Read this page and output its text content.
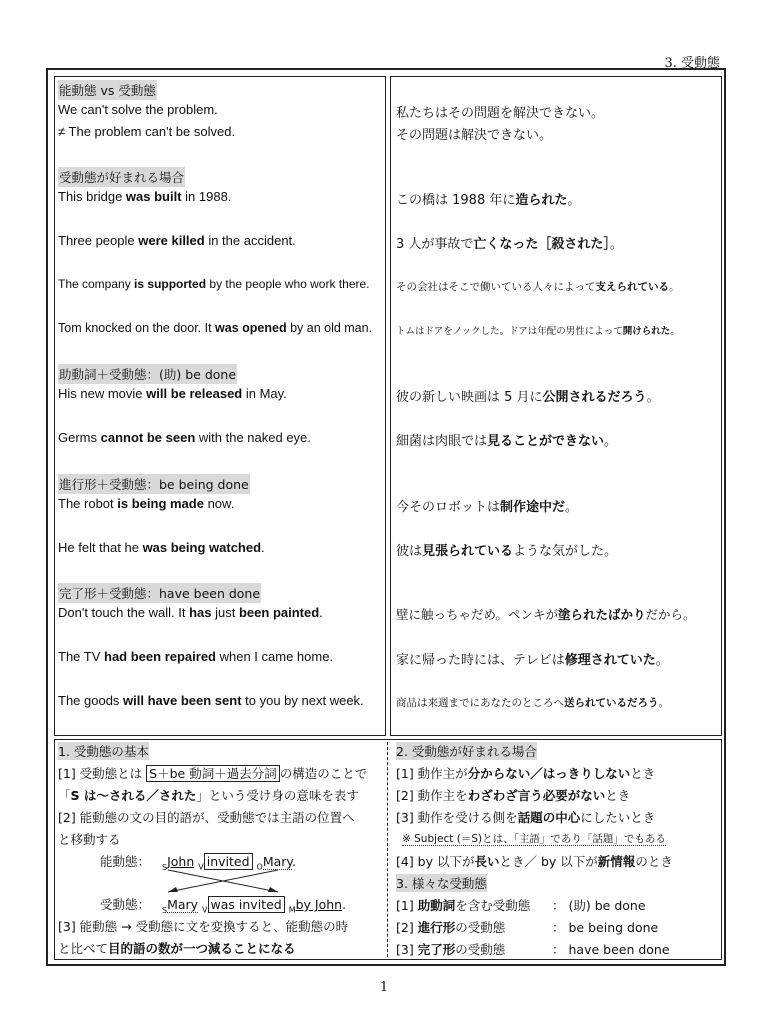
3. 受動態
能動態 vs 受動態
We can't solve the problem.
≠ The problem can't be solved.
受動態が好まれる場合
This bridge was built in 1988.
Three people were killed in the accident.
The company is supported by the people who work there.
Tom knocked on the door. It was opened by an old man.
助動詞＋受動態：(助) be done
His new movie will be released in May.
Germs cannot be seen with the naked eye.
進行形＋受動態：be being done
The robot is being made now.
He felt that he was being watched.
完了形＋受動態：have been done
Don't touch the wall. It has just been painted.
The TV had been repaired when I came home.
The goods will have been sent to you by next week.
私たちはその問題を解決できない。
その問題は解決できない。
この橋は 1988 年に造られた。
3 人が事故で亡くなった［殺された］。
その会社はそこで働いている人々によって支えられている。
トムはドアをノックした。ドアは年配の男性によって開けられた。
彼の新しい映画は 5 月に公開されるだろう。
細菌は肉眼では見ることができない。
今そのロボットは制作途中だ。
彼は見張られているような気がした。
壁に触っちゃだめ。ペンキが塗られたばかりだから。
家に帰った時には、テレビは修理されていた。
商品は来週までにあなたのところへ送られているだろう。
1. 受動態の基本
[1] 受動態とは S＋be 動詞＋過去分詞 の構造のことで
「S は～される／された」という受け身の意味を表す
[2] 能動態の文の目的語が、受動態では主語の位置へ
と移動する
能動態： $_S$John $_V$ invited $_O$Mary.
受動態： $_S$Mary $_V$ was invited $_M$by John.
[3] 能動態 → 受動態に文を変換すると、能動態の時
と比べて目的語の数が一つ減ることになる
2. 受動態が好まれる場合
[1] 動作主が分からない／はっきりしないとき
[2] 動作主をわざわざ言う必要がないとき
[3] 動作を受ける側を話題の中心にしたいとき
※ Subject (＝S)とは、「主語」であり「話題」でもある
[4] by 以下が長いとき／ by 以下が新情報のとき
3. 様々な受動態
[1] 助動詞を含む受動態 ： (助) be done
[2] 進行形の受動態	： be being done
[3] 完了形の受動態	： have been done
1
